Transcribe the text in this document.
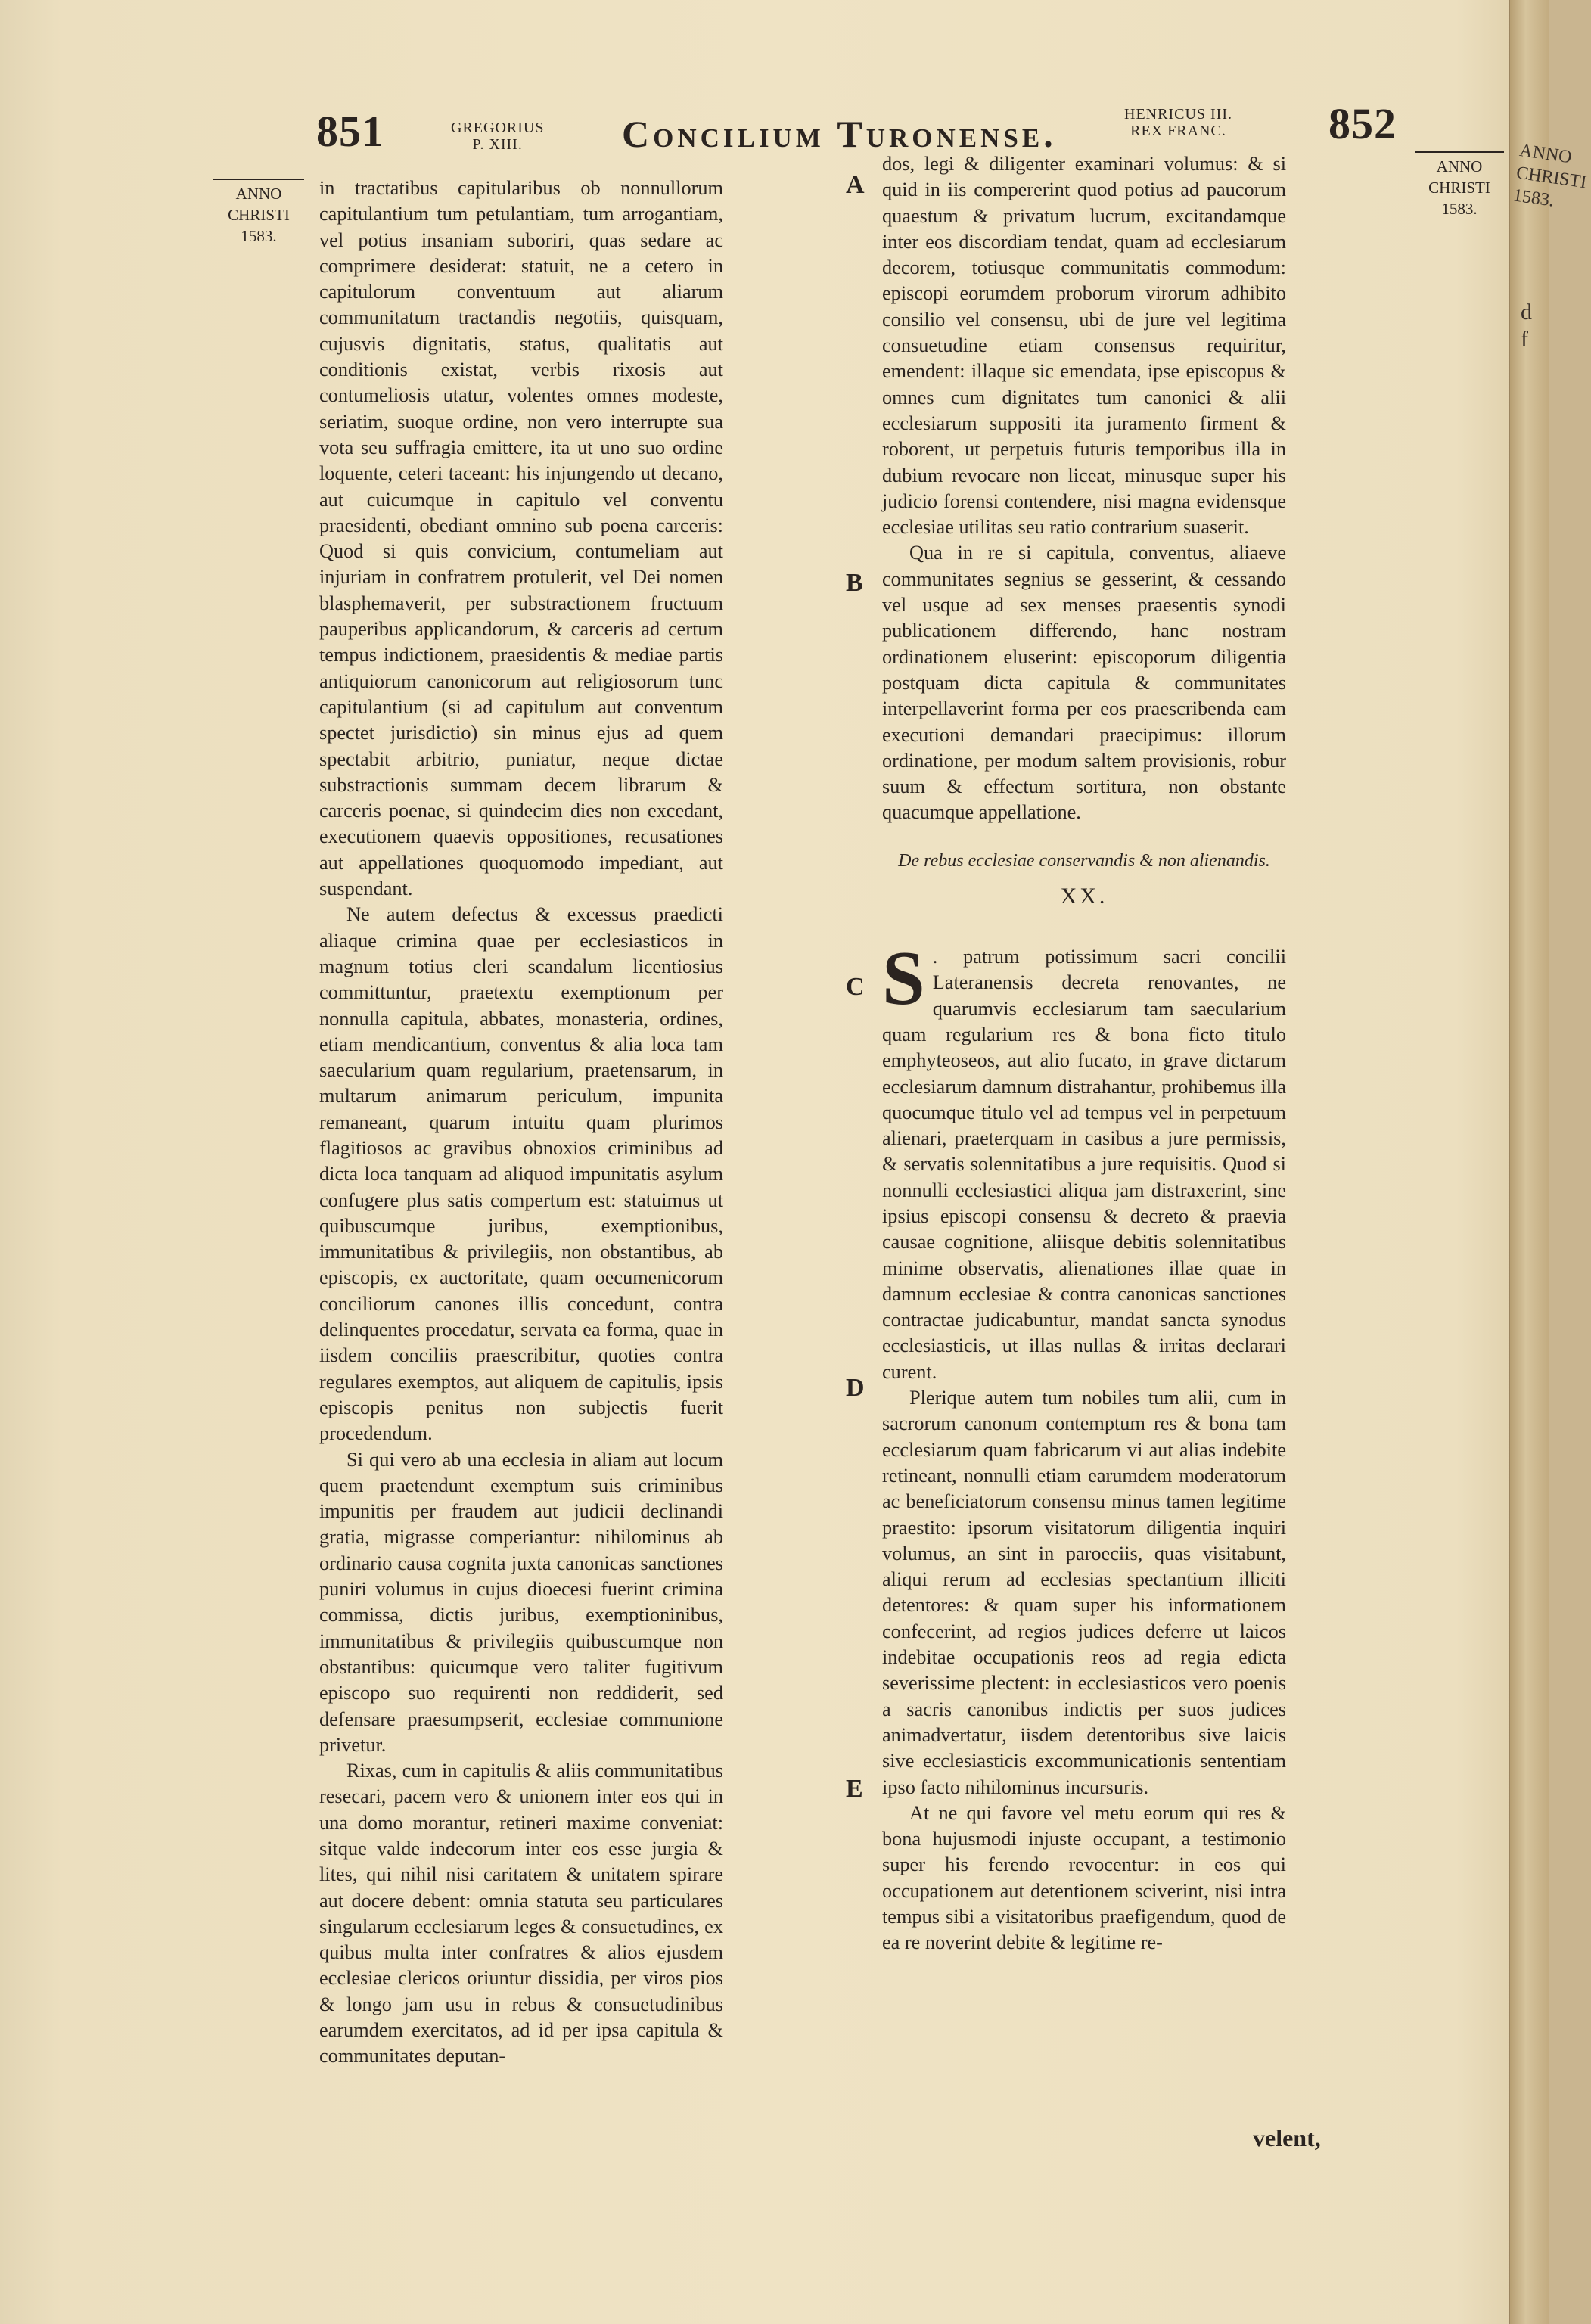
851	GREGORIUS
P. XIII.	Concilium Turonense.	HENRICUS III.
REX FRANC. 852
ANNO
CHRISTI
1583.
ANNO
CHRISTI
1583.
A
B
C
D
E

in tractatibus capitularibus ob nonnullorum capitulantium tum petulantiam, tum arrogantiam, vel potius insaniam suboriri, quas sedare ac comprimere desiderat: statuit, ne a cetero in capitulorum conventuum aut aliarum communitatum tractandis negotiis, quisquam, cujusvis dignitatis, status, qualitatis aut conditionis existat, verbis rixosis aut contumeliosis utatur, volentes omnes modeste, seriatim, suoque ordine, non vero interrupte sua vota seu suffragia emittere, ita ut uno suo ordine loquente, ceteri taceant: his injungendo ut decano, aut cuicumque in capitulo vel conventu praesidenti, obediant omnino sub poena carceris: Quod si quis convicium, contumeliam aut injuriam in confratrem protulerit, vel Dei nomen blasphemaverit, per substractionem fructuum pauperibus applicandorum, & carceris ad certum tempus indictionem, praesidentis & mediae partis antiquiorum canonicorum aut religiosorum tunc capitulantium (si ad capitulum aut conventum spectet jurisdictio) sin minus ejus ad quem spectabit arbitrio, puniatur, neque dictae substractionis summam decem librarum & carceris poenae, si quindecim dies non excedant, executionem quaevis oppositiones, recusationes aut appellationes quoquomodo impediant, aut suspendant.

Ne autem defectus & excessus praedicti aliaque crimina quae per ecclesiasticos in magnum totius cleri scandalum licentiosius committuntur, praetextu exemptionum per nonnulla capitula, abbates, monasteria, ordines, etiam mendicantium, conventus & alia loca tam saecularium quam regularium, praetensarum, in multarum animarum periculum, impunita remaneant, quarum intuitu quam plurimos flagitiosos ac gravibus obnoxios criminibus ad dicta loca tanquam ad aliquod impunitatis asylum confugere plus satis compertum est: statuimus ut quibuscumque juribus, exemptionibus, immunitatibus & privilegiis, non obstantibus, ab episcopis, ex auctoritate, quam oecumenicorum conciliorum canones illis concedunt, contra delinquentes procedatur, servata ea forma, quae in iisdem conciliis praescribitur, quoties contra regulares exemptos, aut aliquem de capitulis, ipsis episcopis penitus non subjectis fuerit procedendum.

Si qui vero ab una ecclesia in aliam aut locum quem praetendunt exemptum suis criminibus impunitis per fraudem aut judicii declinandi gratia, migrasse comperiantur: nihilominus ab ordinario causa cognita juxta canonicas sanctiones puniri volumus in cujus dioecesi fuerint crimina commissa, dictis juribus, exemptioninibus, immunitatibus & privilegiis quibuscumque non obstantibus: quicumque vero taliter fugitivum episcopo suo requirenti non reddiderit, sed defensare praesumpserit, ecclesiae communione privetur.

Rixas, cum in capitulis & aliis communitatibus resecari, pacem vero & unionem inter eos qui in una domo morantur, retineri maxime conveniat: sitque valde indecorum inter eos esse jurgia & lites, qui nihil nisi caritatem & unitatem spirare aut docere debent: omnia statuta seu particulares singularum ecclesiarum leges & consuetudines, ex quibus multa inter confratres & alios ejusdem ecclesiae clericos oriuntur dissidia, per viros pios & longo jam usu in rebus & consuetudinibus earumdem exercitatos, ad id per ipsa capitula & communitates deputan-

dos, legi & diligenter examinari volumus: & si quid in iis compererint quod potius ad paucorum quaestum & privatum lucrum, excitandamque inter eos discordiam tendat, quam ad ecclesiarum decorem, totiusque communitatis commodum: episcopi eorumdem proborum virorum adhibito consilio vel consensu, ubi de jure vel legitima consuetudine etiam consensus requiritur, emendent: illaque sic emendata, ipse episcopus & omnes cum dignitates tum canonici & alii ecclesiarum suppositi ita juramento firment & roborent, ut perpetuis futuris temporibus illa in dubium revocare non liceat, minusque super his judicio forensi contendere, nisi magna evidensque ecclesiae utilitas seu ratio contrarium suaserit.

Qua in re si capitula, conventus, aliaeve communitates segnius se gesserint, & cessando vel usque ad sex menses praesentis synodi publicationem differendo, hanc nostram ordinationem eluserint: episcoporum diligentia postquam dicta capitula & communitates interpellaverint forma per eos praescribenda eam executioni demandari praecipimus: illorum ordinatione, per modum saltem provisionis, robur suum & effectum sortitura, non obstante quacumque appellatione.

De rebus ecclesiae conservandis & non alienandis.
XX.

S . patrum potissimum sacri concilii Lateranensis decreta renovantes, ne quarumvis ecclesiarum tam saecularium quam regularium res & bona ficto titulo emphyteoseos, aut alio fucato, in grave dictarum ecclesiarum damnum distrahantur, prohibemus illa quocumque titulo vel ad tempus vel in perpetuum alienari, praeterquam in casibus a jure permissis, & servatis solennitatibus a jure requisitis. Quod si nonnulli ecclesiastici aliqua jam distraxerint, sine ipsius episcopi consensu & decreto & praevia causae cognitione, aliisque debitis solennitatibus minime observatis, alienationes illae quae in damnum ecclesiae & contra canonicas sanctiones contractae judicabuntur, mandat sancta synodus ecclesiasticis, ut illas nullas & irritas declarari curent.

Plerique autem tum nobiles tum alii, cum in sacrorum canonum contemptum res & bona tam ecclesiarum quam fabricarum vi aut alias indebite retineant, nonnulli etiam earumdem moderatorum ac beneficiatorum consensu minus tamen legitime praestito: ipsorum visitatorum diligentia inquiri volumus, an sint in paroeciis, quas visitabunt, aliqui rerum ad ecclesias spectantium illiciti detentores: & quam super his informationem confecerint, ad regios judices deferre ut laicos indebitae occupationis reos ad regia edicta severissime plectent: in ecclesiasticos vero poenis a sacris canonibus indictis per suos judices animadvertatur, iisdem detentoribus sive laicis sive ecclesiasticis excommunicationis sententiam ipso facto nihilominus incursuris.

At ne qui favore vel metu eorum qui res & bona hujusmodi injuste occupant, a testimonio super his ferendo revocentur: in eos qui occupationem aut detentionem sciverint, nisi intra tempus sibi a visitatoribus praefigendum, quod de ea re noverint debite & legitime re-

velent,
ANNO
CHRISTI
1583.
d
f
